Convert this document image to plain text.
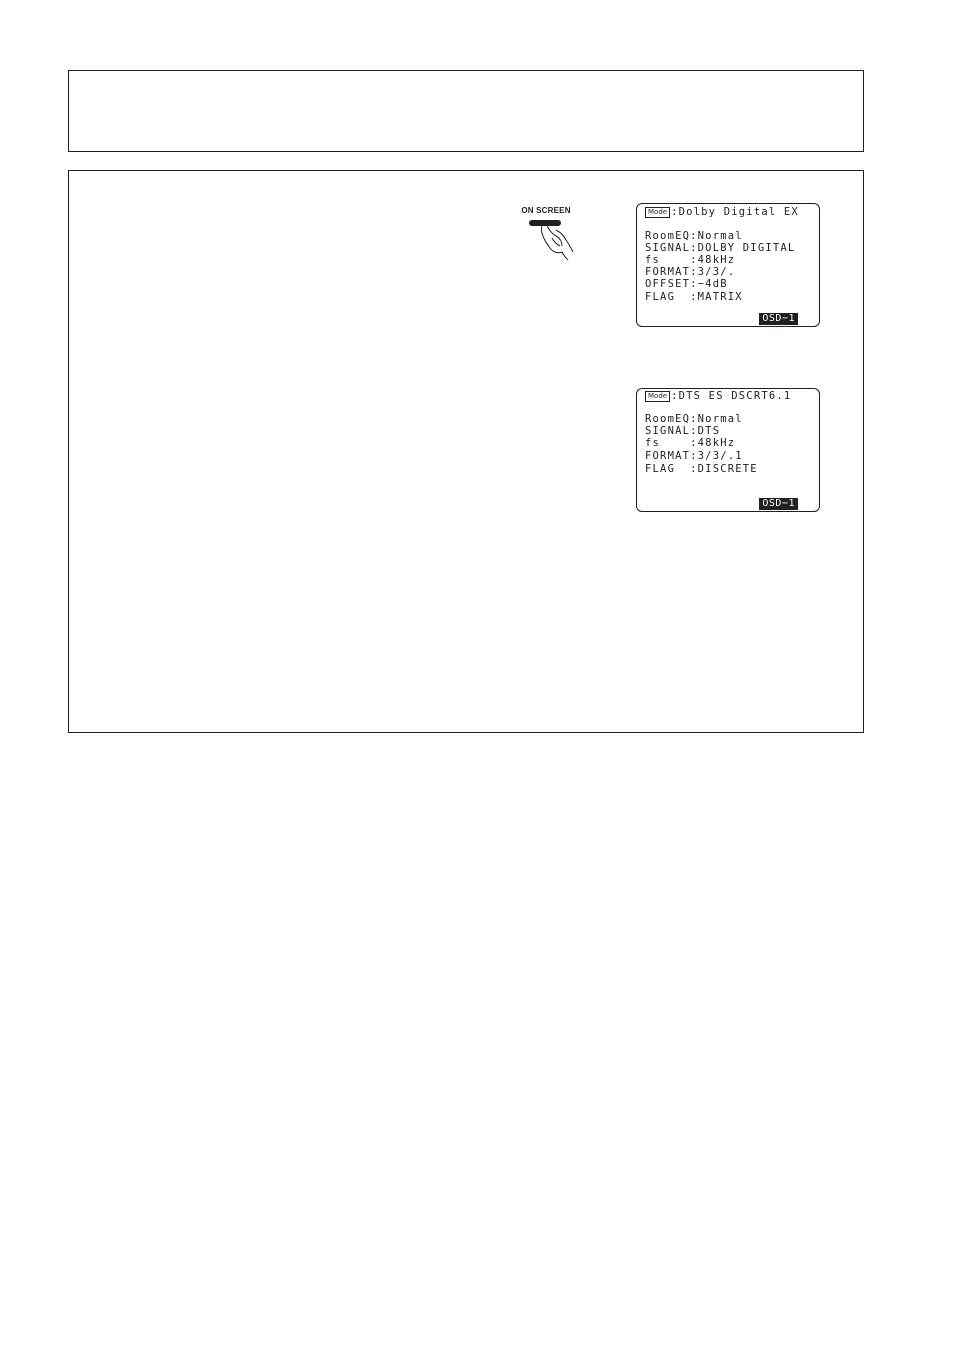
ON SCREEN	Mode :Dolby Digital EX
RoomEQ:Normal
SIGNAL:DOLBY DIGITAL
fs    :48kHz
FORMAT:3/3/.
OFFSET:−4dB
FLAG  :MATRIX
OSD−1
Mode :DTS ES DSCRT6.1
RoomEQ:Normal
SIGNAL:DTS
fs    :48kHz
FORMAT:3/3/.1
FLAG  :DISCRETE
OSD−1
